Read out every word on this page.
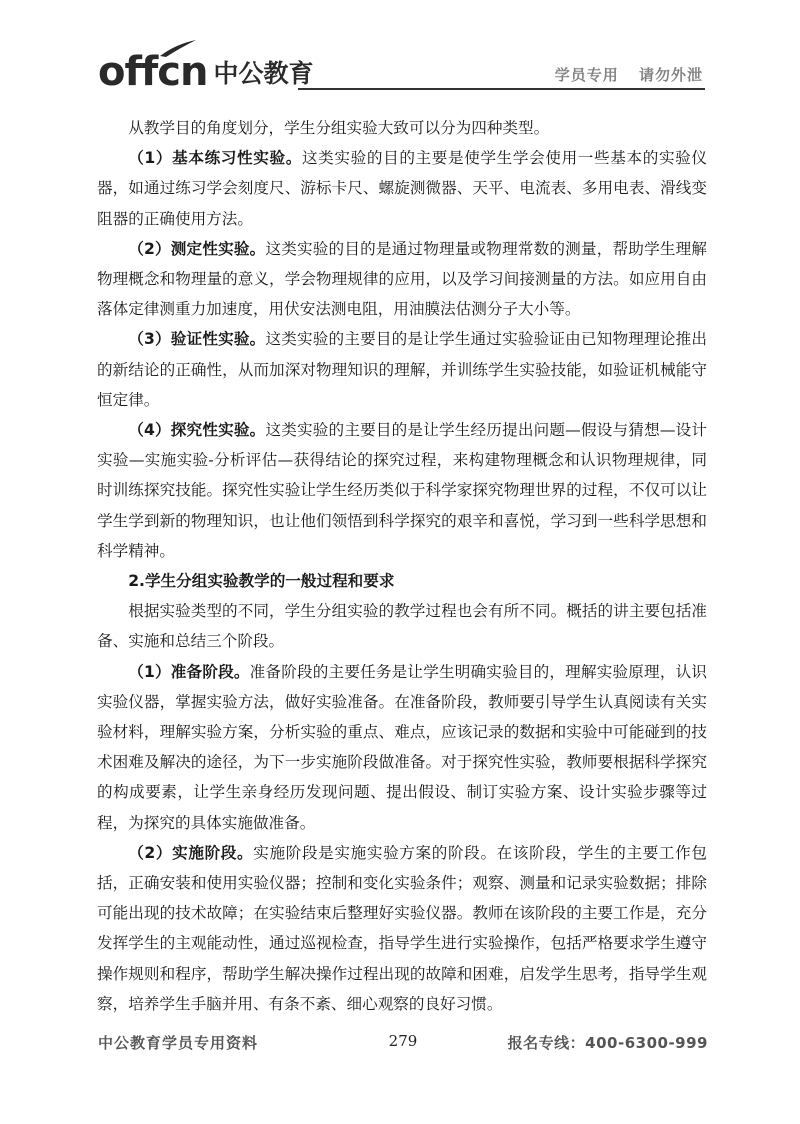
offcn 中公教育	学员专用 请勿外泄

从教学目的角度划分，学生分组实验大致可以分为四种类型。

（1）基本练习性实验。这类实验的目的主要是使学生学会使用一些基本的实验仪器，如通过练习学会刻度尺、游标卡尺、螺旋测微器、天平、电流表、多用电表、滑线变阻器的正确使用方法。

（2）测定性实验。这类实验的目的是通过物理量或物理常数的测量，帮助学生理解物理概念和物理量的意义，学会物理规律的应用，以及学习间接测量的方法。如应用自由落体定律测重力加速度，用伏安法测电阻，用油膜法估测分子大小等。

（3）验证性实验。这类实验的主要目的是让学生通过实验验证由已知物理理论推出的新结论的正确性，从而加深对物理知识的理解，并训练学生实验技能，如验证机械能守恒定律。

（4）探究性实验。这类实验的主要目的是让学生经历提出问题—假设与猜想—设计实验—实施实验-分析评估—获得结论的探究过程，来构建物理概念和认识物理规律，同时训练探究技能。探究性实验让学生经历类似于科学家探究物理世界的过程，不仅可以让学生学到新的物理知识，也让他们领悟到科学探究的艰辛和喜悦，学习到一些科学思想和科学精神。

2.学生分组实验教学的一般过程和要求

根据实验类型的不同，学生分组实验的教学过程也会有所不同。概括的讲主要包括准备、实施和总结三个阶段。

（1）准备阶段。准备阶段的主要任务是让学生明确实验目的，理解实验原理，认识实验仪器，掌握实验方法，做好实验准备。在准备阶段，教师要引导学生认真阅读有关实验材料，理解实验方案，分析实验的重点、难点，应该记录的数据和实验中可能碰到的技术困难及解决的途径，为下一步实施阶段做准备。对于探究性实验，教师要根据科学探究的构成要素，让学生亲身经历发现问题、提出假设、制订实验方案、设计实验步骤等过程，为探究的具体实施做准备。

（2）实施阶段。实施阶段是实施实验方案的阶段。在该阶段，学生的主要工作包括，正确安装和使用实验仪器；控制和变化实验条件；观察、测量和记录实验数据；排除可能出现的技术故障；在实验结束后整理好实验仪器。教师在该阶段的主要工作是，充分发挥学生的主观能动性，通过巡视检查，指导学生进行实验操作，包括严格要求学生遵守操作规则和程序，帮助学生解决操作过程出现的故障和困难，启发学生思考，指导学生观察，培养学生手脑并用、有条不紊、细心观察的良好习惯。

中公教育学员专用资料	279	报名专线：400-6300-999
